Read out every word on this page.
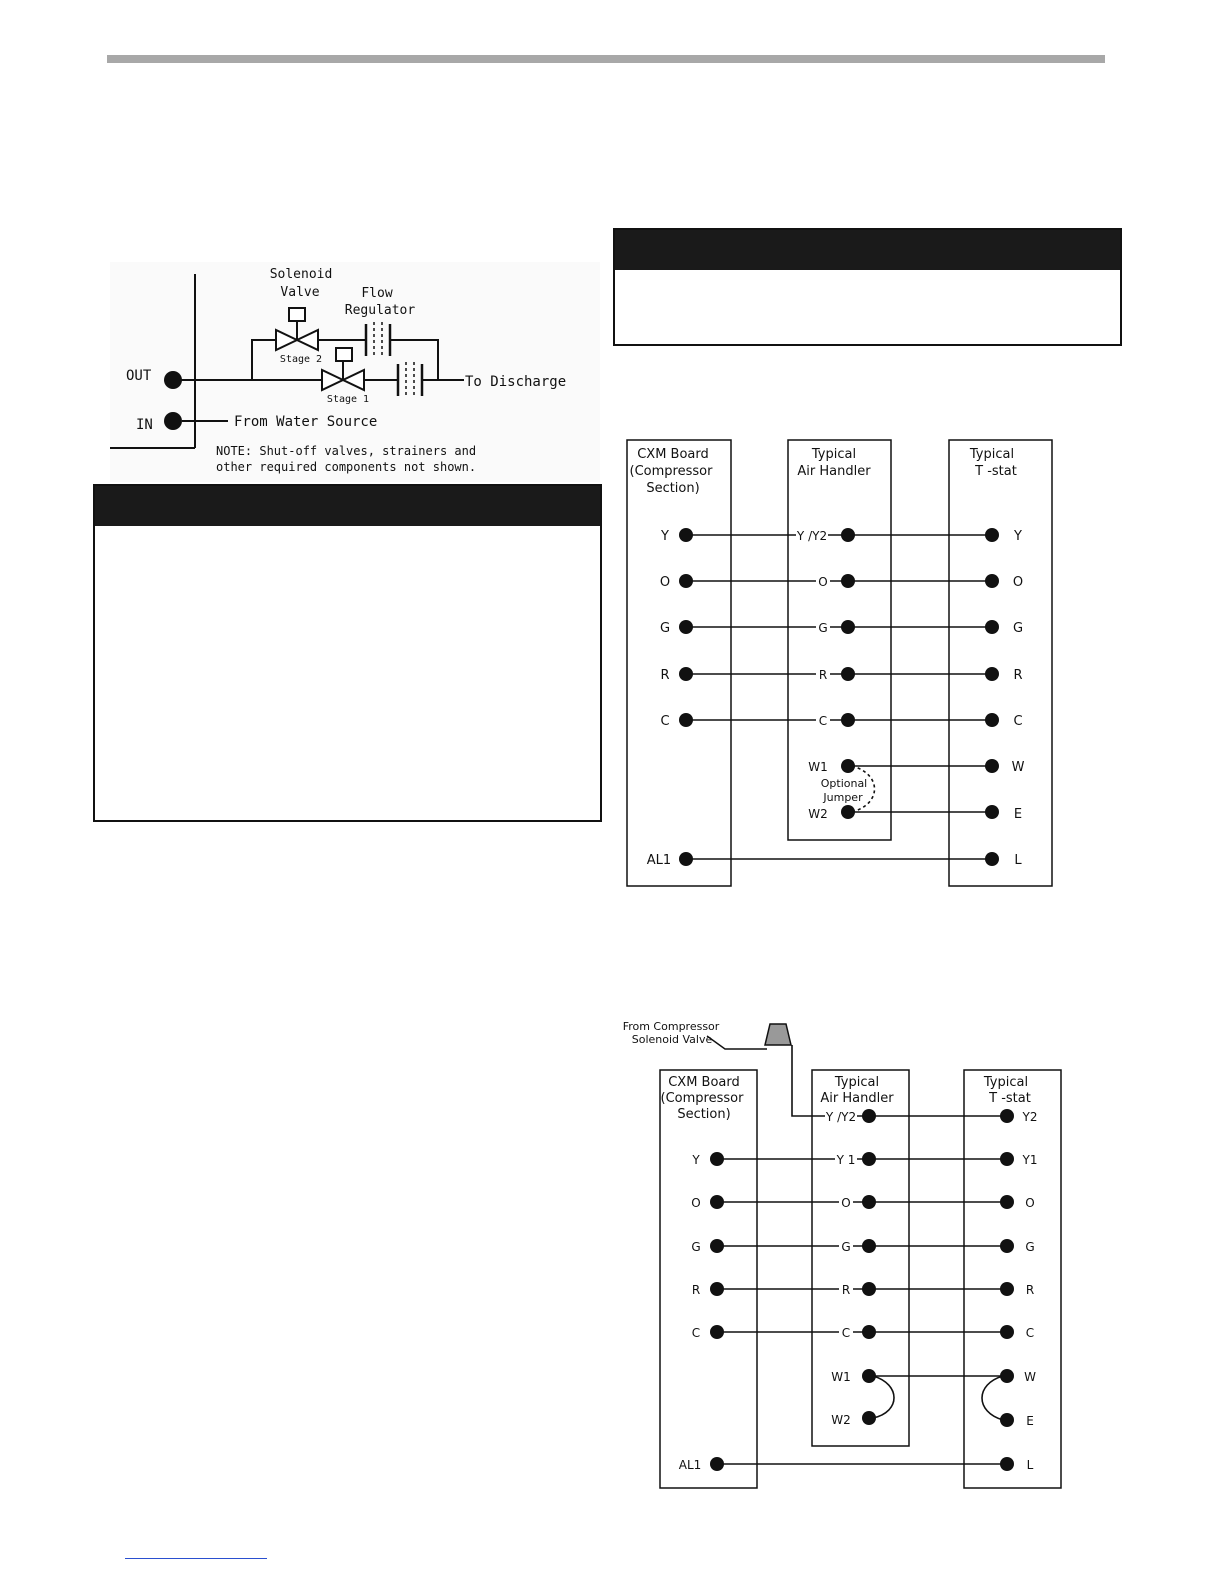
Solenoid
Valve	Flow
Regulator
Stage 2
Stage 1
To Discharge
OUT
IN	From Water Source
NOTE: Shut-off valves, strainers and
other required components not shown.
CXM Board
(Compressor
Section)
Typical
Air Handler
Typical
T -stat
Y
O
G
R
C
AL1
Y /Y2
O
G
R
C
W1
W2
Optional
Jumper
Y
O
G
R
C
W
E
L
From Compressor
Solenoid Valve
CXM Board
(Compressor
Section)
Typical
Air Handler
Typical
T -stat
Y
O
G
R
C
AL1
Y /Y2
Y 1
O
G
R
C
W1
W2
Y2
Y1
O
G
R
C
W
E
L
